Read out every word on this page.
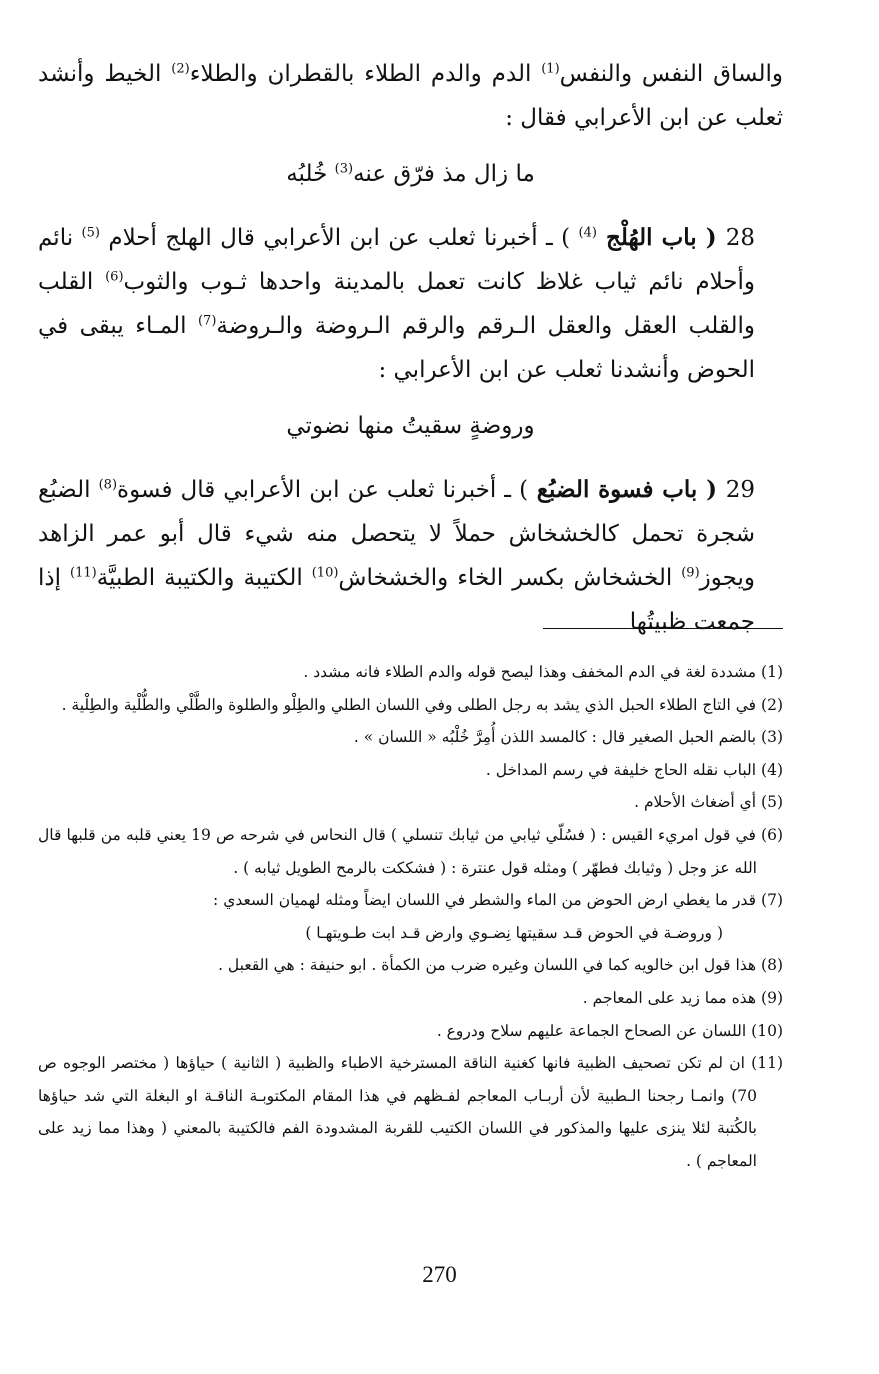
والساق النفس والنفس$^{(1)}$ الدم والدم الطلاء بالقطران والطلاء$^{(2)}$ الخيط وأنشد ثعلب عن ابن الأعرابي فقال :

ما زال مذ فرّق عنه$^{(3)}$ خُلبُه

28 ( باب الهُلْج $^{(4)}$ ) ـ أخبرنا ثعلب عن ابن الأعرابي قال الهلج أحلام $^{(5)}$ نائم وأحلام نائم ثياب غلاظ كانت تعمل بالمدينة واحدها ثـوب والثوب$^{(6)}$ القلب والقلب العقل والعقل الـرقم والرقم الـروضة والـروضة$^{(7)}$ المـاء يبقى في الحوض وأنشدنا ثعلب عن ابن الأعرابي :

وروضةٍ سقيتُ منها نضوتي

29 ( باب فسوة الضبُع ) ـ أخبرنا ثعلب عن ابن الأعرابي قال فسوة$^{(8)}$ الضبُع شجرة تحمل كالخشخاش حملاً لا يتحصل منه شيء قال أبو عمر الزاهد ويجوز$^{(9)}$ الخشخاش بكسر الخاء والخشخاش$^{(10)}$ الكتيبة والكتيبة الطبيَّة$^{(11)}$ إذا جمعت ظبيتُها

(1) مشددة لغة في الدم المخفف وهذا ليصح قوله والدم الطلاء فانه مشدد .

(2) في التاج الطلاء الحبل الذي يشد به رجل الطلى وفي اللسان الطلي والطِلْو والطلوة والطَّلْي والطُّلْية والطِلْية .

(3) بالضم الحبل الصغير قال : كالمسد اللذن أُمِرَّ خُلْبُه « اللسان » .

(4) الباب نقله الحاج خليفة في رسم المداخل .

(5) أي أضغاث الأحلام .

(6) في قول امريء القيس : ( فسُلّي ثيابي من ثيابك تنسلي ) قال النحاس في شرحه ص 19 يعني قلبه من قلبها قال الله عز وجل ( وثيابك فطهّر ) ومثله قول عنترة : ( فشككت بالرمح الطويل ثيابه ) .

(7) قدر ما يغطي ارض الحوض من الماء والشطر في اللسان ايضاً ومثله لهميان السعدي :

( وروضـة في الحوض قـد سقيتها نِضـوي وارض قـد ابت طـويتهـا )

(8) هذا قول ابن خالويه كما في اللسان وغيره ضرب من الكمأة . ابو حنيفة : هي القعبل .

(9) هذه مما زيد على المعاجم .

(10) اللسان عن الصحاح الجماعة عليهم سلاح ودروع .

(11) ان لم تكن تصحيف الظبية فانها كغنية الناقة المسترخية الاطباء والظبية ( الثانية ) حياؤها ( مختصر الوجوه ص 70) وانمـا رجحنا الـطبية لأن أربـاب المعاجم لفـظهم في هذا المقام المكتوبـة الناقـة او البغلة التي شد حياؤها بالكُتبة لئلا ينزى عليها والمذكور في اللسان الكتيب للقربة المشدودة الفم فالكتيبة بالمعني ( وهذا مما زيد على المعاجم ) .

270
